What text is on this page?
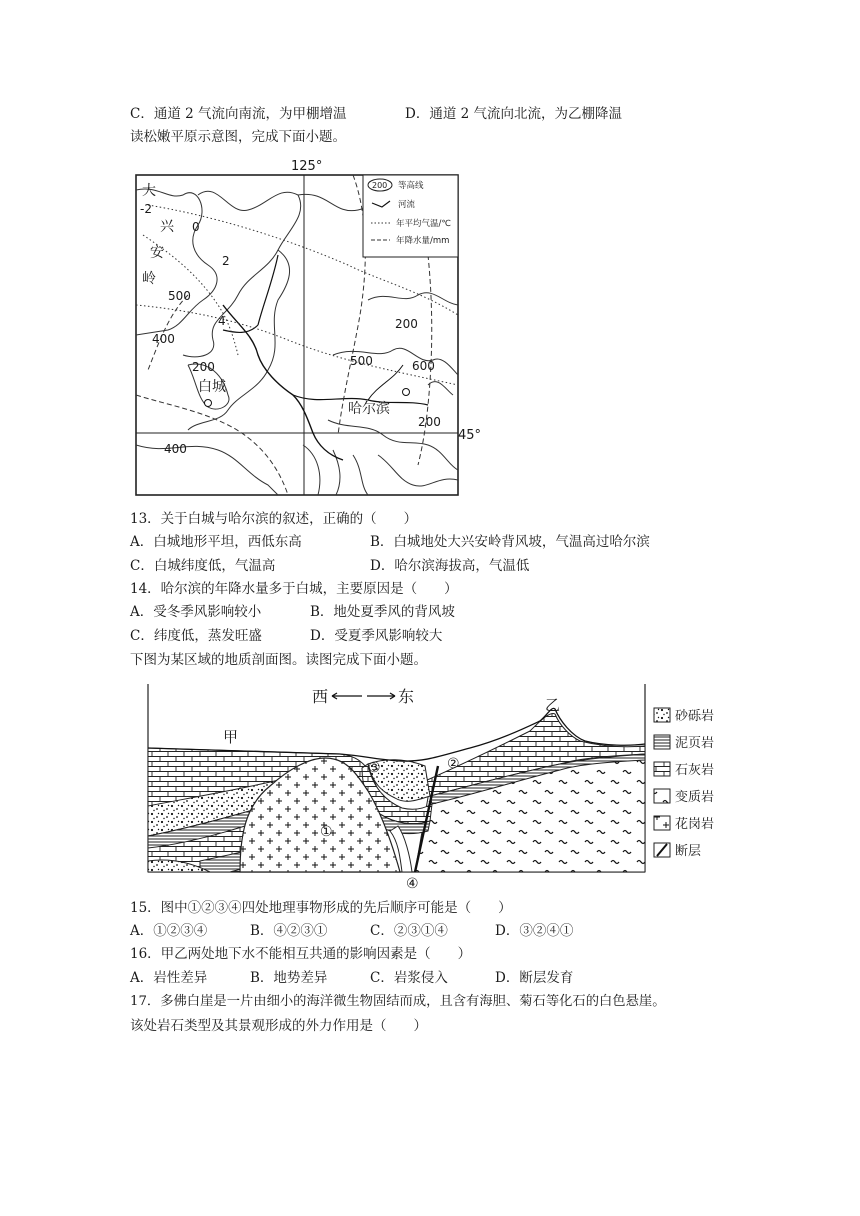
C．通道 2 气流向南流，为甲棚增温	D．通道 2 气流向北流，为乙棚降温
读松嫩平原示意图，完成下面小题。
200 等高线
河流
年平均气温/℃
年降水量/mm
125°
45°
大
兴
安
岭
-2
0
2
4
500
400
500	600
400
200
200
200
白城
哈尔滨
13．关于白城与哈尔滨的叙述，正确的（　　）
A．白城地形平坦，西低东高	B．白城地处大兴安岭背风坡，气温高过哈尔滨
C．白城纬度低，气温高	D．哈尔滨海拔高，气温低
14．哈尔滨的年降水量多于白城，主要原因是（　　）
A．受冬季风影响较小	B．地处夏季风的背风坡
C．纬度低，蒸发旺盛	D．受夏季风影响较大
下图为某区域的地质剖面图。读图完成下面小题。
西	东
甲
乙
①
②
③
④
砂砾岩
泥页岩
石灰岩
变质岩
花岗岩
断层
15．图中①②③④四处地理事物形成的先后顺序可能是（　　）
A．①②③④	B．④②③①	C．②③①④	D．③②④①
16．甲乙两处地下水不能相互共通的影响因素是（　　）
A．岩性差异	B．地势差异	C．岩浆侵入	D．断层发育
17．多佛白崖是一片由细小的海洋微生物固结而成，且含有海胆、菊石等化石的白色悬崖。
该处岩石类型及其景观形成的外力作用是（　　）
